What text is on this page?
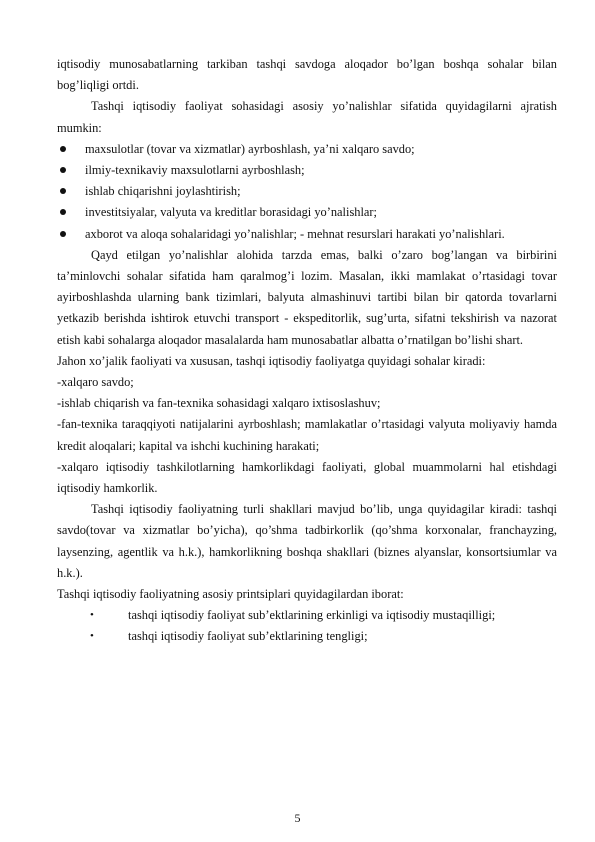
iqtisodiy munosabatlarning tarkiban tashqi savdoga aloqador bo’lgan boshqa sohalar bilan bog’liqligi ortdi.

Tashqi iqtisodiy faoliyat sohasidagi asosiy yo’nalishlar sifatida quyidagilarni ajratish mumkin:

maxsulotlar (tovar va xizmatlar) ayrboshlash, ya’ni xalqaro savdo;
ilmiy-texnikaviy maxsulotlarni ayrboshlash;
ishlab chiqarishni joylashtirish;
investitsiyalar, valyuta va kreditlar borasidagi yo’nalishlar;
axborot va aloqa sohalaridagi yo’nalishlar; - mehnat resurslari harakati yo’nalishlari.

Qayd etilgan yo’nalishlar alohida tarzda emas, balki o’zaro bog’langan va birbirini ta’minlovchi sohalar sifatida ham qaralmog’i lozim. Masalan, ikki mamlakat o’rtasidagi tovar ayirboshlashda ularning bank tizimlari, balyuta almashinuvi tartibi bilan bir qatorda tovarlarni yetkazib berishda ishtirok etuvchi transport - ekspeditorlik, sug’urta, sifatni tekshirish va nazorat etish kabi sohalarga aloqador masalalarda ham munosabatlar albatta o’rnatilgan bo’lishi shart.

Jahon xo’jalik faoliyati va xususan, tashqi iqtisodiy faoliyatga quyidagi sohalar kiradi:

-xalqaro savdo;

-ishlab chiqarish va fan-texnika sohasidagi xalqaro ixtisoslashuv;

-fan-texnika taraqqiyoti natijalarini ayrboshlash; mamlakatlar o’rtasidagi valyuta moliyaviy hamda kredit aloqalari; kapital va ishchi kuchining harakati;

-xalqaro iqtisodiy tashkilotlarning hamkorlikdagi faoliyati, global muammolarni hal etishdagi iqtisodiy hamkorlik.

Tashqi iqtisodiy faoliyatning turli shakllari mavjud bo’lib, unga quyidagilar kiradi: tashqi savdo(tovar va xizmatlar bo’yicha), qo’shma tadbirkorlik (qo’shma korxonalar, franchayzing, laysenzing, agentlik va h.k.), hamkorlikning boshqa shakllari (biznes alyanslar, konsortsiumlar va h.k.).

Tashqi iqtisodiy faoliyatning asosiy printsiplari quyidagilardan iborat:

•	tashqi iqtisodiy faoliyat sub’ektlarining erkinligi va iqtisodiy mustaqilligi;
•	tashqi iqtisodiy faoliyat sub’ektlarining tengligi;
5
